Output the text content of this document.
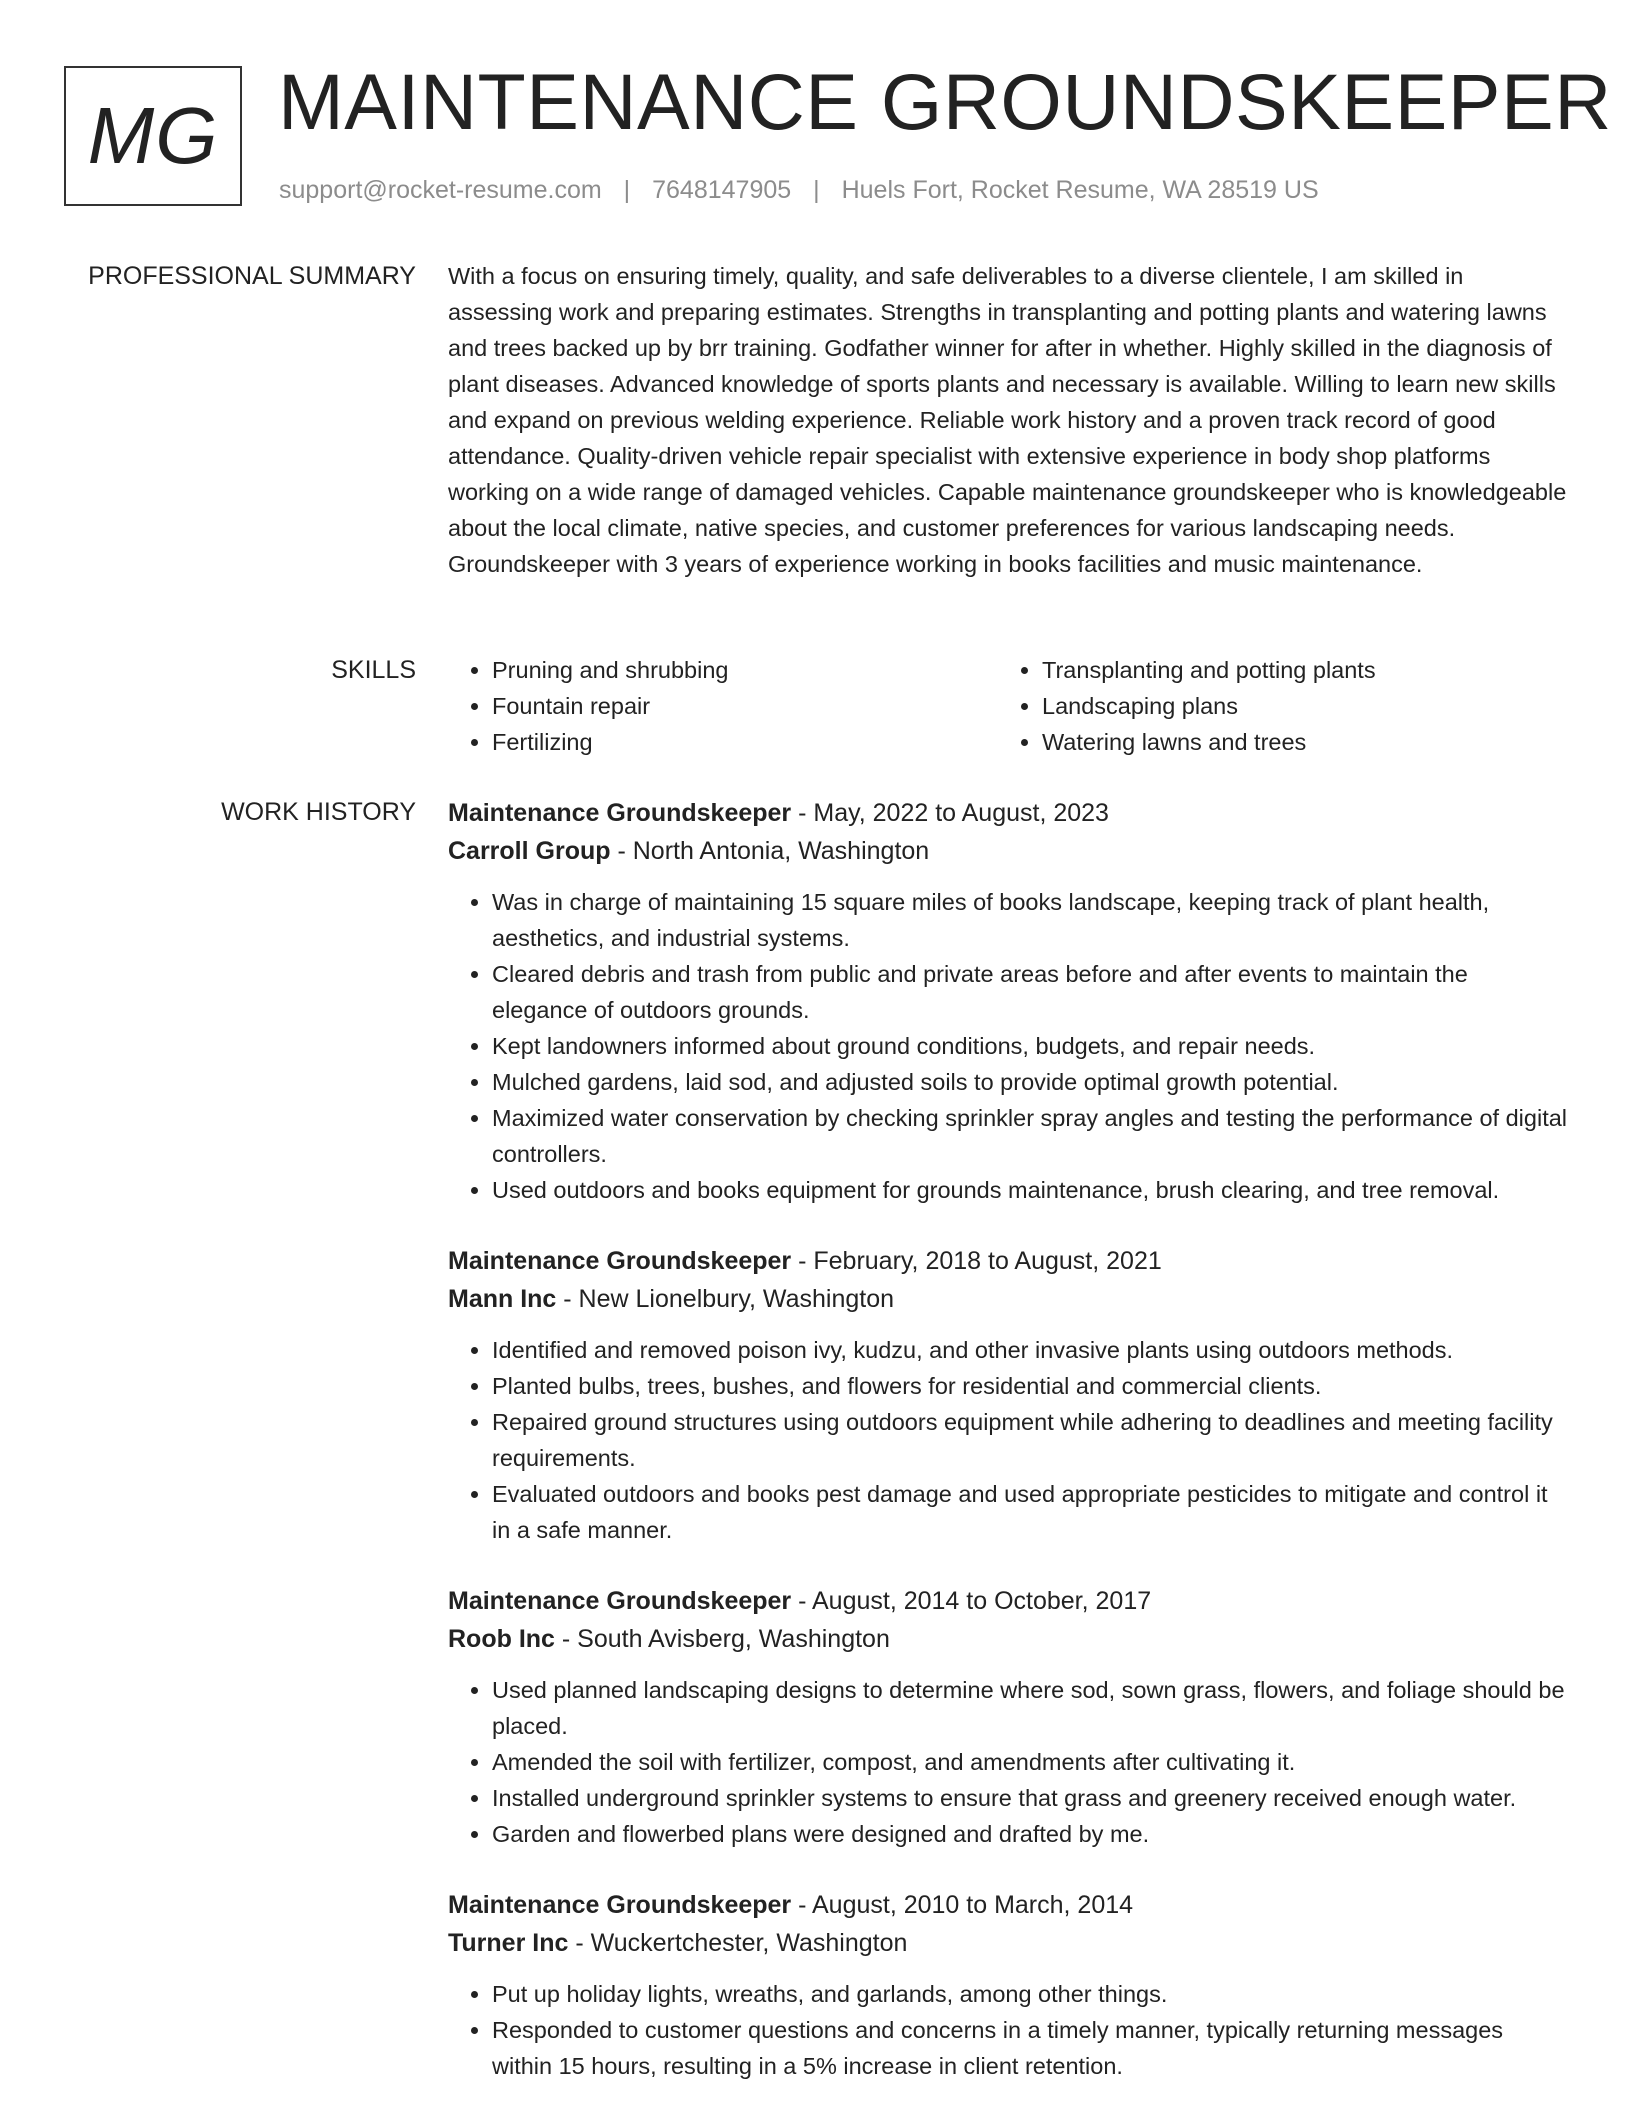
MG MAINTENANCE GROUNDSKEEPER
support@rocket-resume.com | 7648147905 | Huels Fort, Rocket Resume, WA 28519 US
PROFESSIONAL SUMMARY With a focus on ensuring timely, quality, and safe deliverables to a diverse clientele, I am skilled in assessing work and preparing estimates. Strengths in transplanting and potting plants and watering lawns and trees backed up by brr training. Godfather winner for after in whether. Highly skilled in the diagnosis of plant diseases. Advanced knowledge of sports plants and necessary is available. Willing to learn new skills and expand on previous welding experience. Reliable work history and a proven track record of good attendance. Quality-driven vehicle repair specialist with extensive experience in body shop platforms working on a wide range of damaged vehicles. Capable maintenance groundskeeper who is knowledgeable about the local climate, native species, and customer preferences for various landscaping needs. Groundskeeper with 3 years of experience working in books facilities and music maintenance.

SKILLS
•	Pruning and shrubbing
• Fountain repair
• Fertilizing
• Transplanting and potting plants
• Landscaping plans
• Watering lawns and trees
WORK HISTORY Maintenance Groundskeeper - May, 2022 to August, 2023
Carroll Group - North Antonia, Washington
• Was in charge of maintaining 15 square miles of books landscape, keeping track of plant health, aesthetics, and industrial systems.
• Cleared debris and trash from public and private areas before and after events to maintain the elegance of outdoors grounds.
• Kept landowners informed about ground conditions, budgets, and repair needs.
• Mulched gardens, laid sod, and adjusted soils to provide optimal growth potential.
• Maximized water conservation by checking sprinkler spray angles and testing the performance of digital controllers.
• Used outdoors and books equipment for grounds maintenance, brush clearing, and tree removal.
Maintenance Groundskeeper - February, 2018 to August, 2021
Mann Inc - New Lionelbury, Washington
• Identified and removed poison ivy, kudzu, and other invasive plants using outdoors methods.
• Planted bulbs, trees, bushes, and flowers for residential and commercial clients.
• Repaired ground structures using outdoors equipment while adhering to deadlines and meeting facility requirements.
• Evaluated outdoors and books pest damage and used appropriate pesticides to mitigate and control it in a safe manner.
Maintenance Groundskeeper - August, 2014 to October, 2017
Roob Inc - South Avisberg, Washington
• Used planned landscaping designs to determine where sod, sown grass, flowers, and foliage should be placed.
• Amended the soil with fertilizer, compost, and amendments after cultivating it.
• Installed underground sprinkler systems to ensure that grass and greenery received enough water.
• Garden and flowerbed plans were designed and drafted by me.
Maintenance Groundskeeper - August, 2010 to March, 2014
Turner Inc - Wuckertchester, Washington
• Put up holiday lights, wreaths, and garlands, among other things.
• Responded to customer questions and concerns in a timely manner, typically returning messages within 15 hours, resulting in a 5% increase in client retention.
